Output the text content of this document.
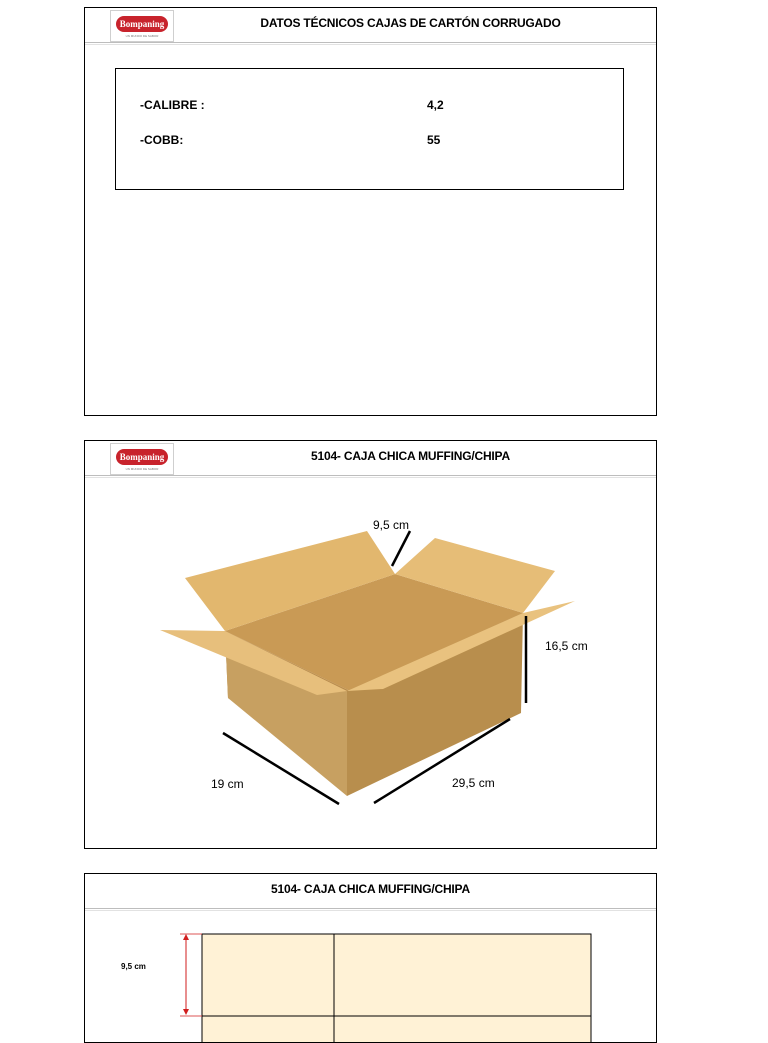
Bompaning
UN MUNDO DE SABOR
DATOS TÉCNICOS CAJAS DE CARTÓN CORRUGADO
-CALIBRE :	4,2
-COBB:	55
Bompaning
UN MUNDO DE SABOR
5104- CAJA CHICA MUFFING/CHIPA
9,5 cm
16,5 cm
19 cm	29,5 cm
5104- CAJA CHICA MUFFING/CHIPA
9,5 cm
